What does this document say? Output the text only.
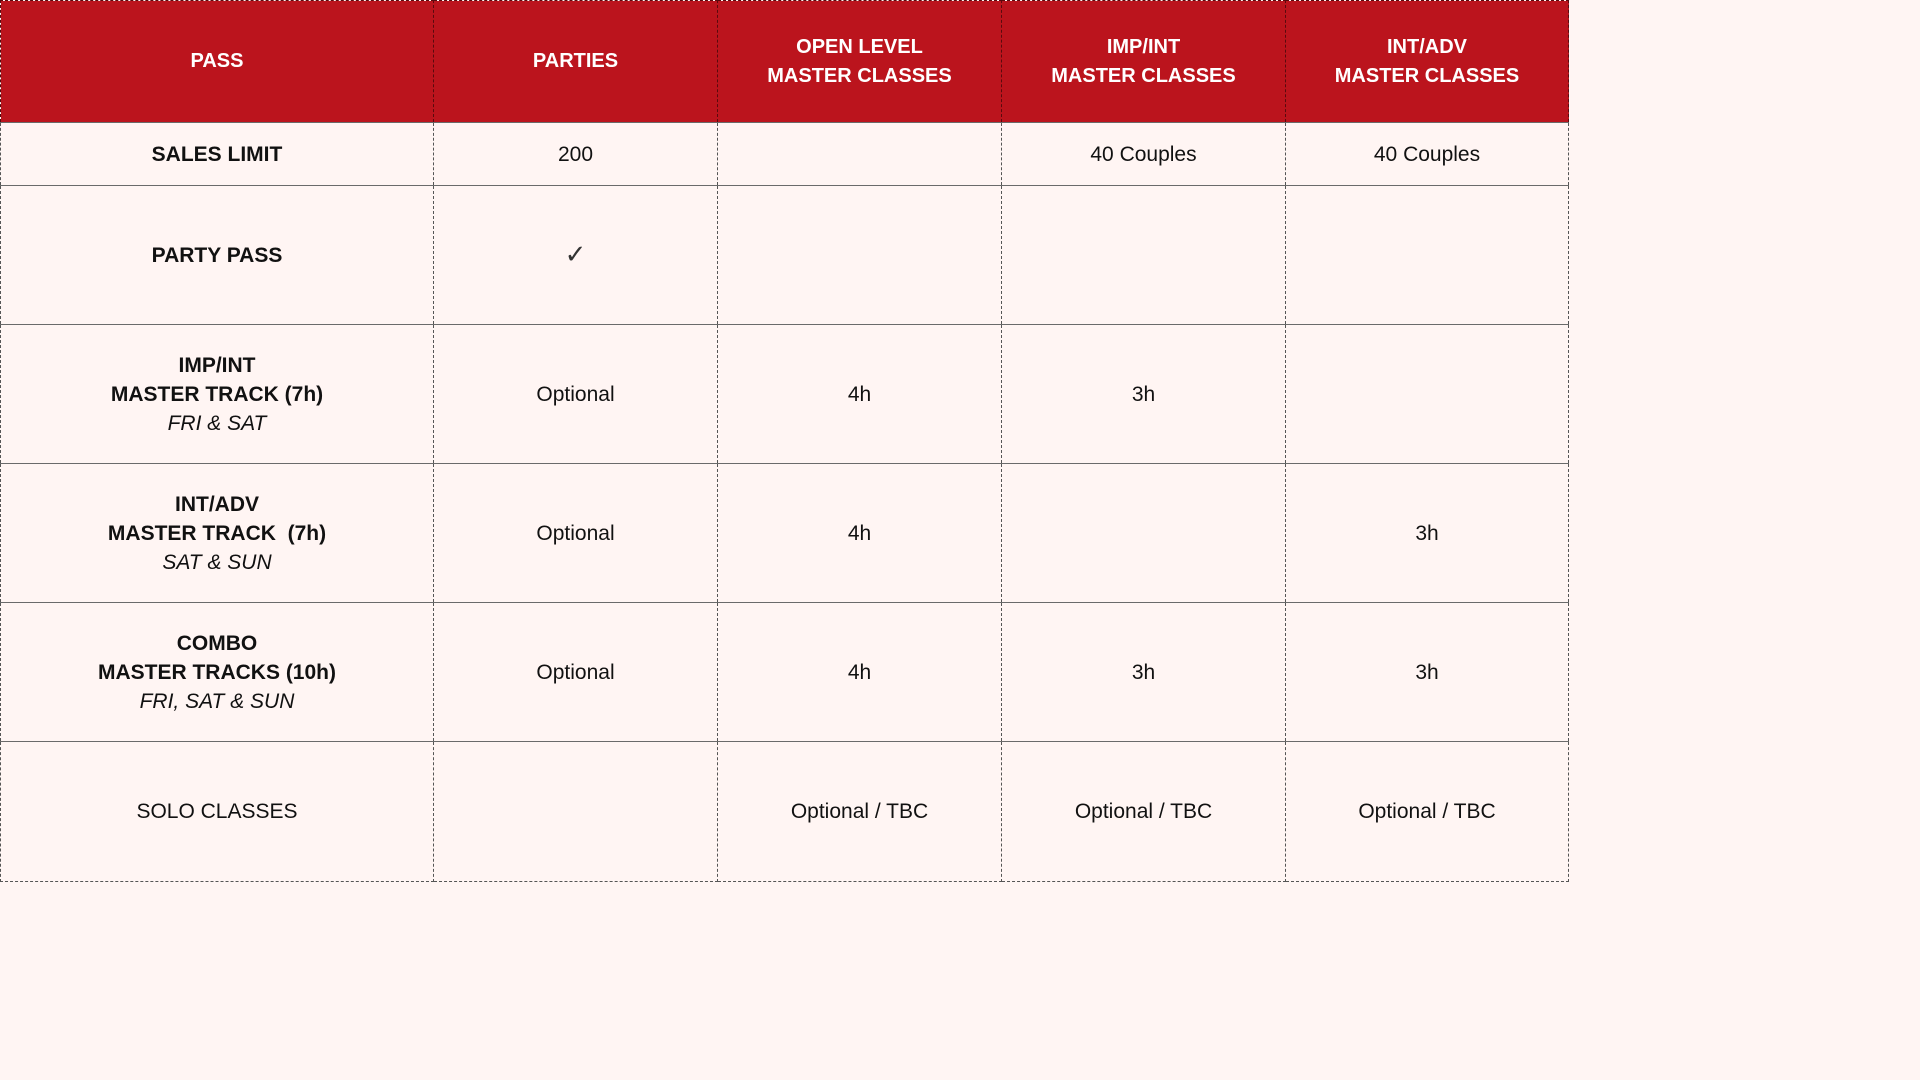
PASS	PARTIES	OPEN LEVEL
MASTER CLASSES	IMP/INT
MASTER CLASSES	INT/ADV
MASTER CLASSES

SALES LIMIT	200		40 Couples	40 Couples

PARTY PASS	✓			

IMP/INT
MASTER TRACK (7h)
FRI & SAT	Optional	4h	3h	

INT/ADV
MASTER TRACK  (7h)
SAT & SUN	Optional	4h		3h

COMBO
MASTER TRACKS (10h)
FRI, SAT & SUN	Optional	4h	3h	3h

SOLO CLASSES		Optional / TBC	Optional / TBC	Optional / TBC
